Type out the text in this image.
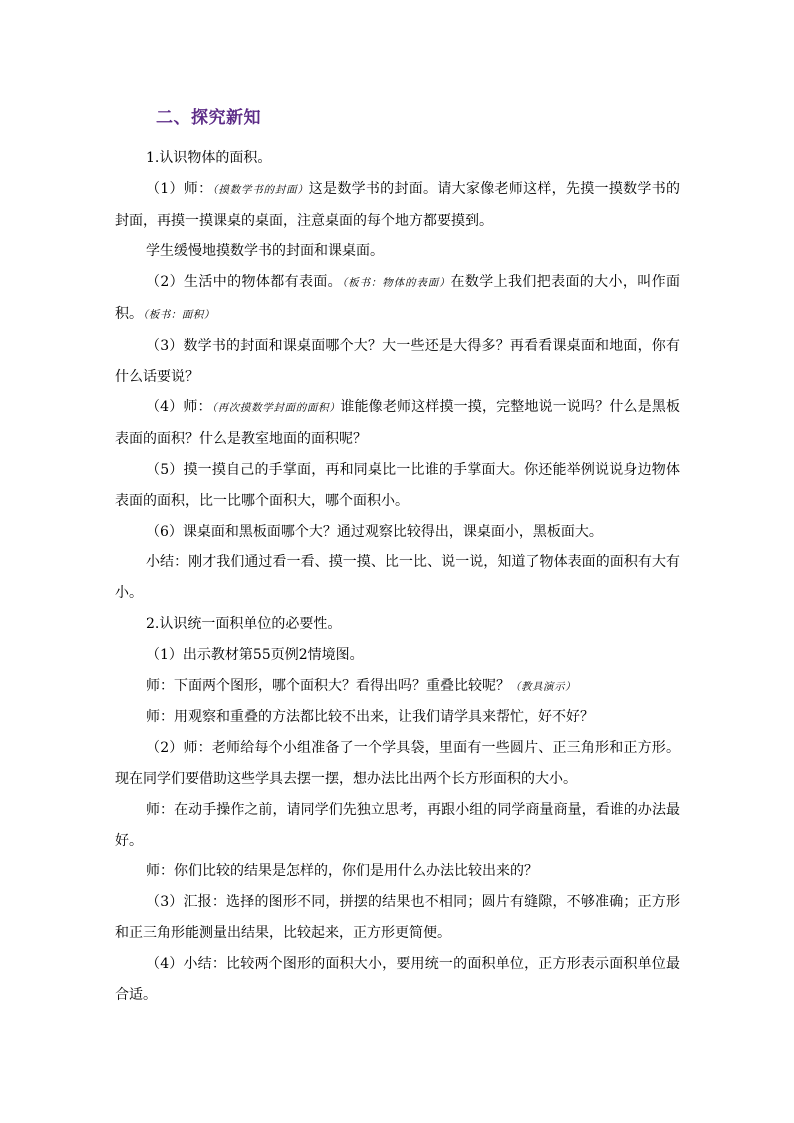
二、探究新知

1.认识物体的面积。

（1）师：（摸数学书的封面）这是数学书的封面。请大家像老师这样，先摸一摸数学书的封面，再摸一摸课桌的桌面，注意桌面的每个地方都要摸到。

学生缓慢地摸数学书的封面和课桌面。

（2）生活中的物体都有表面。（板书：物体的表面）在数学上我们把表面的大小，叫作面积。（板书：面积）

（3）数学书的封面和课桌面哪个大？大一些还是大得多？再看看课桌面和地面，你有什么话要说？

（4）师：（再次摸数学封面的面积）谁能像老师这样摸一摸，完整地说一说吗？什么是黑板表面的面积？什么是教室地面的面积呢？

（5）摸一摸自己的手掌面，再和同桌比一比谁的手掌面大。你还能举例说说身边物体表面的面积，比一比哪个面积大，哪个面积小。

（6）课桌面和黑板面哪个大？通过观察比较得出，课桌面小，黑板面大。

小结：刚才我们通过看一看、摸一摸、比一比、说一说，知道了物体表面的面积有大有小。

2.认识统一面积单位的必要性。

（1）出示教材第55页例2情境图。

师：下面两个图形，哪个面积大？看得出吗？重叠比较呢？（教具演示）

师：用观察和重叠的方法都比较不出来，让我们请学具来帮忙，好不好？

（2）师：老师给每个小组准备了一个学具袋，里面有一些圆片、正三角形和正方形。现在同学们要借助这些学具去摆一摆，想办法比出两个长方形面积的大小。

师：在动手操作之前，请同学们先独立思考，再跟小组的同学商量商量，看谁的办法最好。

师：你们比较的结果是怎样的，你们是用什么办法比较出来的？

（3）汇报：选择的图形不同，拼摆的结果也不相同；圆片有缝隙，不够准确；正方形和正三角形能测量出结果，比较起来，正方形更简便。

（4）小结：比较两个图形的面积大小，要用统一的面积单位，正方形表示面积单位最合适。
